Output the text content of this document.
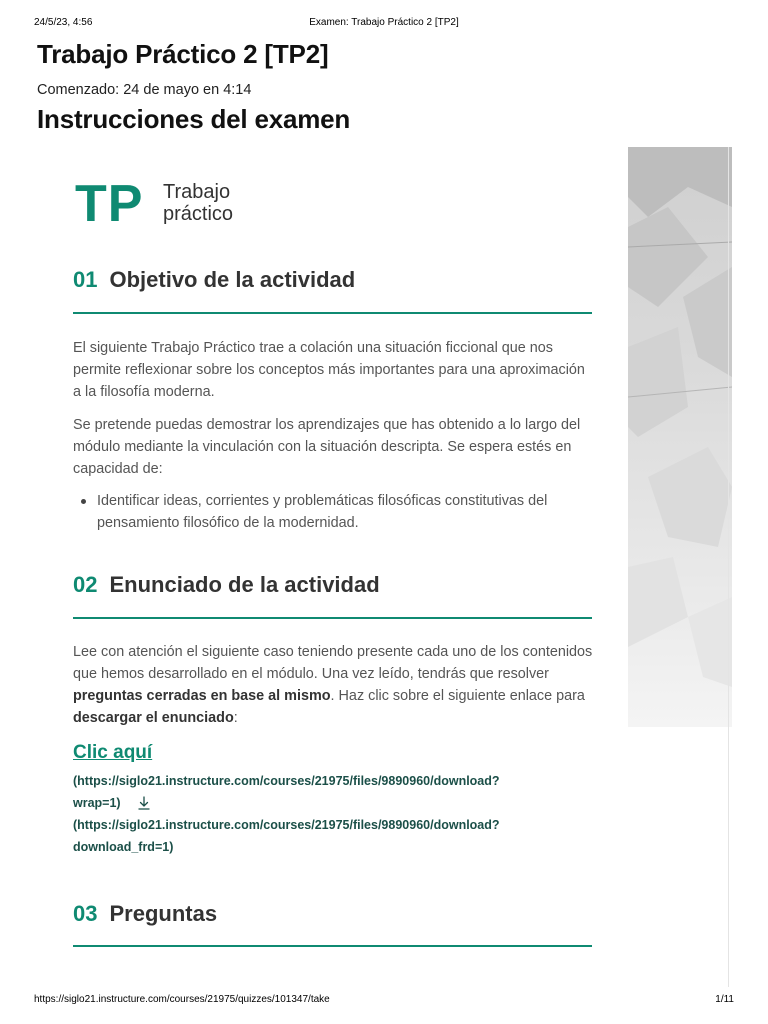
24/5/23, 4:56	Examen: Trabajo Práctico 2 [TP2]
Trabajo Práctico 2 [TP2]
Comenzado: 24 de mayo en 4:14
Instrucciones del examen
TP Trabajo
práctico
01 Objetivo de la actividad

El siguiente Trabajo Práctico trae a colación una situación ficcional que nos permite reflexionar sobre los conceptos más importantes para una aproximación a la filosofía moderna.

Se pretende puedas demostrar los aprendizajes que has obtenido a lo largo del módulo mediante la vinculación con la situación descripta. Se espera estés en capacidad de:

Identificar ideas, corrientes y problemáticas filosóficas constitutivas del pensamiento filosófico de la modernidad.
02 Enunciado de la actividad

Lee con atención el siguiente caso teniendo presente cada uno de los contenidos que hemos desarrollado en el módulo. Una vez leído, tendrás que resolver preguntas cerradas en base al mismo. Haz clic sobre el siguiente enlace para descargar el enunciado:

Clic aquí
(https://siglo21.instructure.com/courses/21975/files/9890960/download?
wrap=1)
(https://siglo21.instructure.com/courses/21975/files/9890960/download?
download_frd=1)
03 Preguntas
https://siglo21.instructure.com/courses/21975/quizzes/101347/take	1/11
